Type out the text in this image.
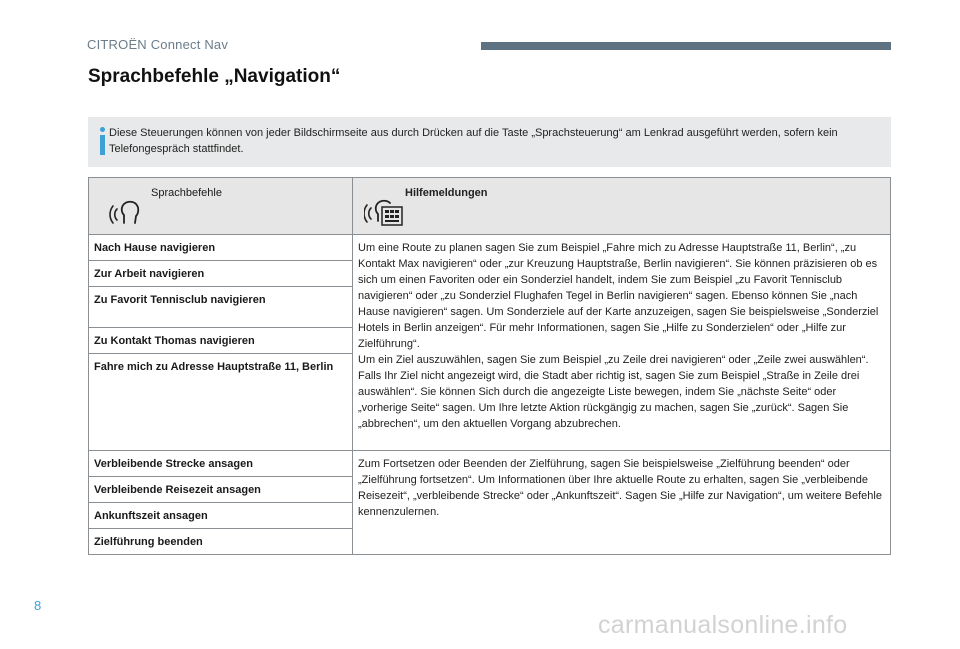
CITROËN Connect Nav
Sprachbefehle „Navigation“
Diese Steuerungen können von jeder Bildschirmseite aus durch Drücken auf die Taste „Sprachsteuerung“ am Lenkrad ausgeführt werden, sofern kein Telefongespräch stattfindet.
Sprachbefehle	Hilfemeldungen

Nach Hause navigieren	Um eine Route zu planen sagen Sie zum Beispiel „Fahre mich zu Adresse Hauptstraße 11, Berlin“, „zu Kontakt Max navigieren“ oder „zur Kreuzung Hauptstraße, Berlin navigieren“. Sie können präzisieren ob es sich um einen Favoriten oder ein Sonderziel handelt, indem Sie zum Beispiel „zu Favorit Tennisclub navigieren“ oder „zu Sonderziel Flughafen Tegel in Berlin navigieren“ sagen. Ebenso können Sie „nach Hause navigieren“ sagen. Um Sonderziele auf der Karte anzuzeigen, sagen Sie beispielsweise „Sonderziel Hotels in Berlin anzeigen“. Für mehr Informationen, sagen Sie „Hilfe zu Sonderzielen“ oder „Hilfe zur Zielführung“.
Um ein Ziel auszuwählen, sagen Sie zum Beispiel „zu Zeile drei navigieren“ oder „Zeile zwei auswählen“. Falls Ihr Ziel nicht angezeigt wird, die Stadt aber richtig ist, sagen Sie zum Beispiel „Straße in Zeile drei auswählen“. Sie können Sich durch die angezeigte Liste bewegen, indem Sie „nächste Seite“ oder „vorherige Seite“ sagen. Um Ihre letzte Aktion rückgängig zu machen, sagen Sie „zurück“. Sagen Sie „abbrechen“, um den aktuellen Vorgang abzubrechen.
Zur Arbeit navigieren	
Zu Favorit Tennisclub navigieren	
Zu Kontakt Thomas navigieren	
Fahre mich zu Adresse Hauptstraße 11, Berlin	
Verbleibende Strecke ansagen	Zum Fortsetzen oder Beenden der Zielführung, sagen Sie beispielsweise „Zielführung beenden“ oder „Zielführung fortsetzen“. Um Informationen über Ihre aktuelle Route zu erhalten, sagen Sie „verbleibende Reisezeit“, „verbleibende Strecke“ oder „Ankunftszeit“. Sagen Sie „Hilfe zur Navigation“, um weitere Befehle kennenzulernen.
Verbleibende Reisezeit ansagen	
Ankunftszeit ansagen	
Zielführung beenden	
8
carmanualsonline.info
